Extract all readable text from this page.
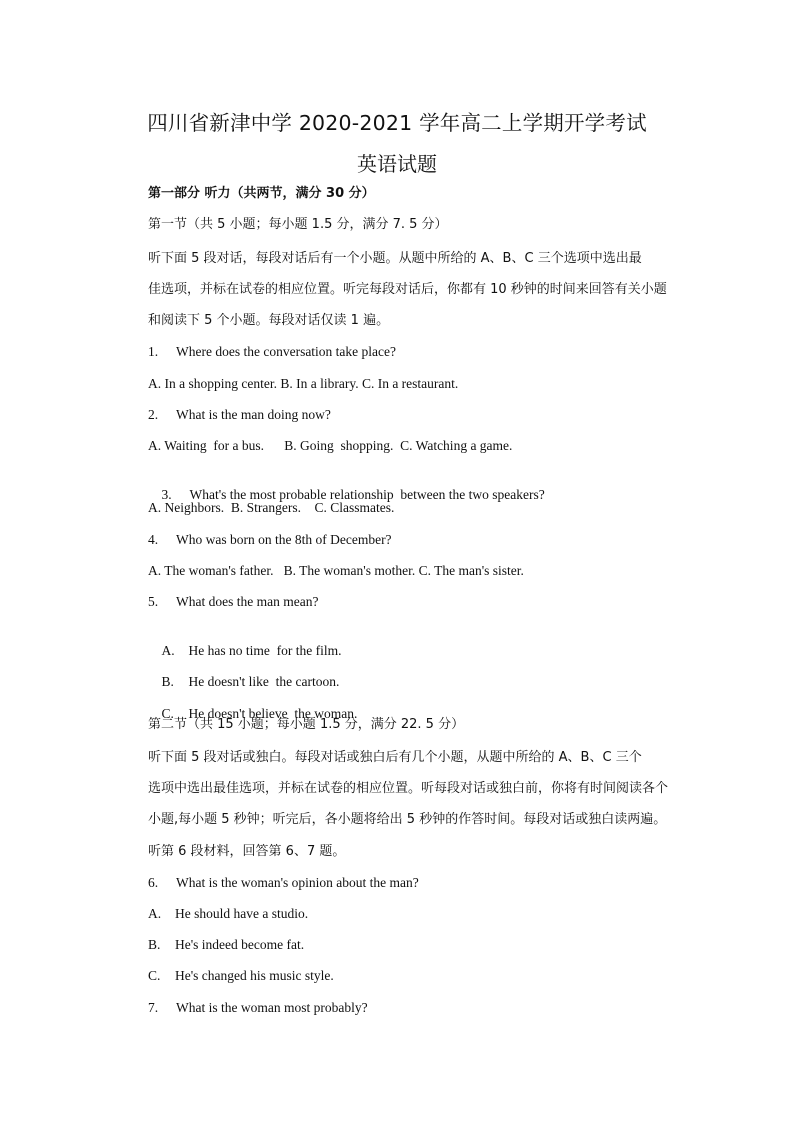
四川省新津中学 2020-2021 学年高二上学期开学考试
英语试题
第一部分 听力（共两节，满分 30 分）
第一节（共 5 小题；每小题 1.5 分，满分 7. 5 分）
听下面 5 段对话，每段对话后有一个小题。从题中所给的 A、B、C 三个选项中选出最
佳选项，并标在试卷的相应位置。听完每段对话后，你都有 10 秒钟的时间来回答有关小题
和阅读下 5 个小题。每段对话仅读 1 遍。
1. Where does the conversation take place?
A. In a shopping center. B. In a library. C. In a restaurant.
2. What is the man doing now?
A. Waiting  for a bus.      B. Going  shopping.  C. Watching a game.

3. What's the most probable relationship  between the two speakers?

A. Neighbors.  B. Strangers.    C. Classmates.
4. Who was born on the 8th of December?
A. The woman's father.   B. The woman's mother. C. The man's sister.
5. What does the man mean?

A. He has no time  for the film.

B. He doesn't like  the cartoon.

C. He doesn't believe  the woman.

第二节（共 15 小题；每小题 1.5 分，满分 22. 5 分）
听下面 5 段对话或独白。每段对话或独白后有几个小题，从题中所给的 A、B、C 三个
选项中选出最佳选项，并标在试卷的相应位置。听每段对话或独白前，你将有时间阅读各个
小题,每小题 5 秒钟；听完后，各小题将给出 5 秒钟的作答时间。每段对话或独白读两遍。
听第 6 段材料，回答第 6、7 题。
6. What is the woman's opinion about the man?
A. He should have a studio.
B. He's indeed become fat.
C. He's changed his music style.
7. What is the woman most probably?
